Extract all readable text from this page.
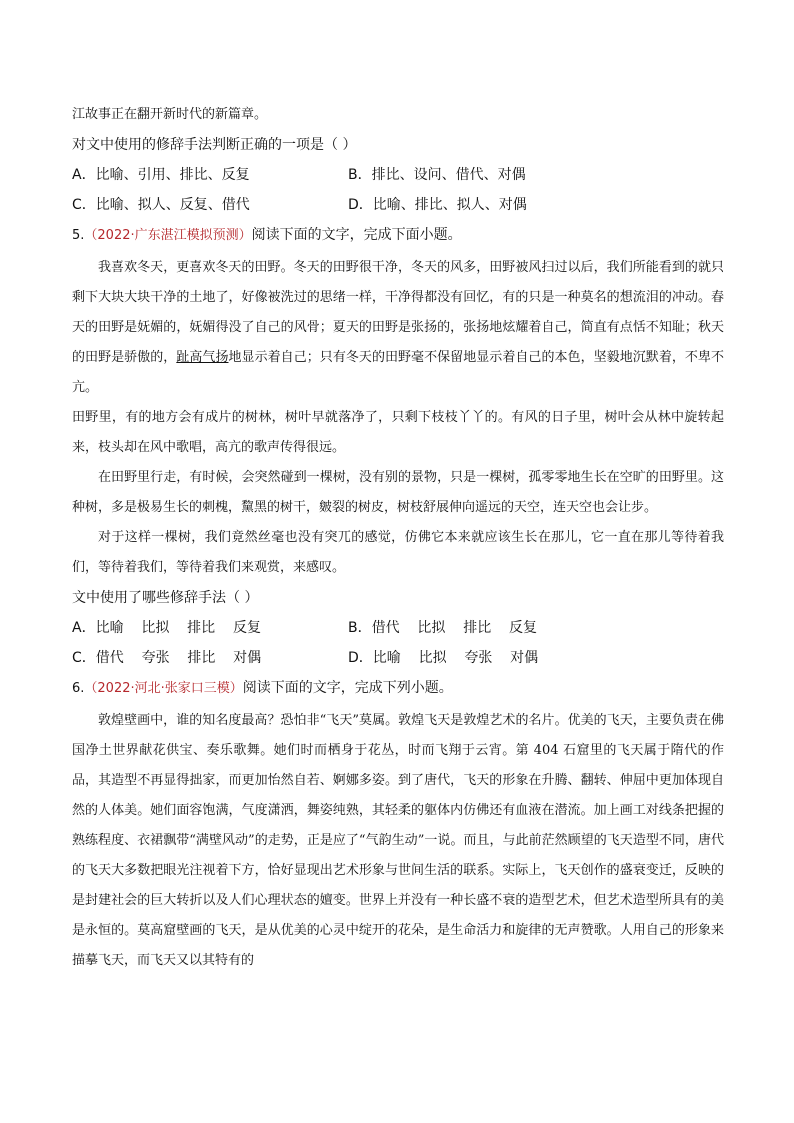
江故事正在翻开新时代的新篇章。
对文中使用的修辞手法判断正确的一项是（ ）
A．比喻、引用、排比、反复	B．排比、设问、借代、对偶
C．比喻、拟人、反复、借代	D．比喻、排比、拟人、对偶
5.（2022·广东湛江模拟预测）阅读下面的文字，完成下面小题。

我喜欢冬天，更喜欢冬天的田野。冬天的田野很干净，冬天的风多，田野被风扫过以后，我们所能看到的就只剩下大块大块干净的土地了，好像被洗过的思绪一样，干净得都没有回忆，有的只是一种莫名的想流泪的冲动。春天的田野是妩媚的，妩媚得没了自己的风骨；夏天的田野是张扬的，张扬地炫耀着自己，简直有点恬不知耻；秋天的田野是骄傲的，趾高气扬地显示着自己；只有冬天的田野毫不保留地显示着自己的本色，坚毅地沉默着，不卑不亢。

田野里，有的地方会有成片的树林，树叶早就落净了，只剩下枝枝丫丫的。有风的日子里，树叶会从林中旋转起来，枝头却在风中歌唱，高亢的歌声传得很远。

在田野里行走，有时候，会突然碰到一棵树，没有别的景物，只是一棵树，孤零零地生长在空旷的田野里。这种树，多是极易生长的刺槐，黧黑的树干，皴裂的树皮，树枝舒展伸向遥远的天空，连天空也会让步。

对于这样一棵树，我们竟然丝毫也没有突兀的感觉，仿佛它本来就应该生长在那儿，它一直在那儿等待着我们，等待着我们，等待着我们来观赏，来感叹。

文中使用了哪些修辞手法（ ）
A．比喻    比拟    排比    反复	B．借代    比拟    排比    反复
C．借代    夸张    排比    对偶	D．比喻    比拟    夸张    对偶
6.（2022·河北·张家口三模）阅读下面的文字，完成下列小题。

敦煌壁画中，谁的知名度最高？恐怕非“飞天”莫属。敦煌飞天是敦煌艺术的名片。优美的飞天，主要负责在佛国净土世界献花供宝、奏乐歌舞。她们时而栖身于花丛，时而飞翔于云宵。第 404 石窟里的飞天属于隋代的作品，其造型不再显得拙家，而更加怡然自若、婀娜多姿。到了唐代，飞天的形象在升腾、翻转、伸屈中更加体现自然的人体美。她们面容饱满，气度潇洒，舞姿纯熟，其轻柔的躯体内仿佛还有血液在潜流。加上画工对线条把握的熟练程度、衣裙飘带“满壁风动”的走势，正是应了“气韵生动”一说。而且，与此前茫然顾望的飞天造型不同，唐代的飞天大多数把眼光注视着下方，恰好显现出艺术形象与世间生活的联系。实际上，飞天创作的盛衰变迁，反映的是封建社会的巨大转折以及人们心理状态的嬗变。世界上并没有一种长盛不衰的造型艺术，但艺术造型所具有的美是永恒的。莫高窟壁画的飞天，是从优美的心灵中绽开的花朵，是生命活力和旋律的无声赞歌。人用自己的形象来描摹飞天，而飞天又以其特有的
